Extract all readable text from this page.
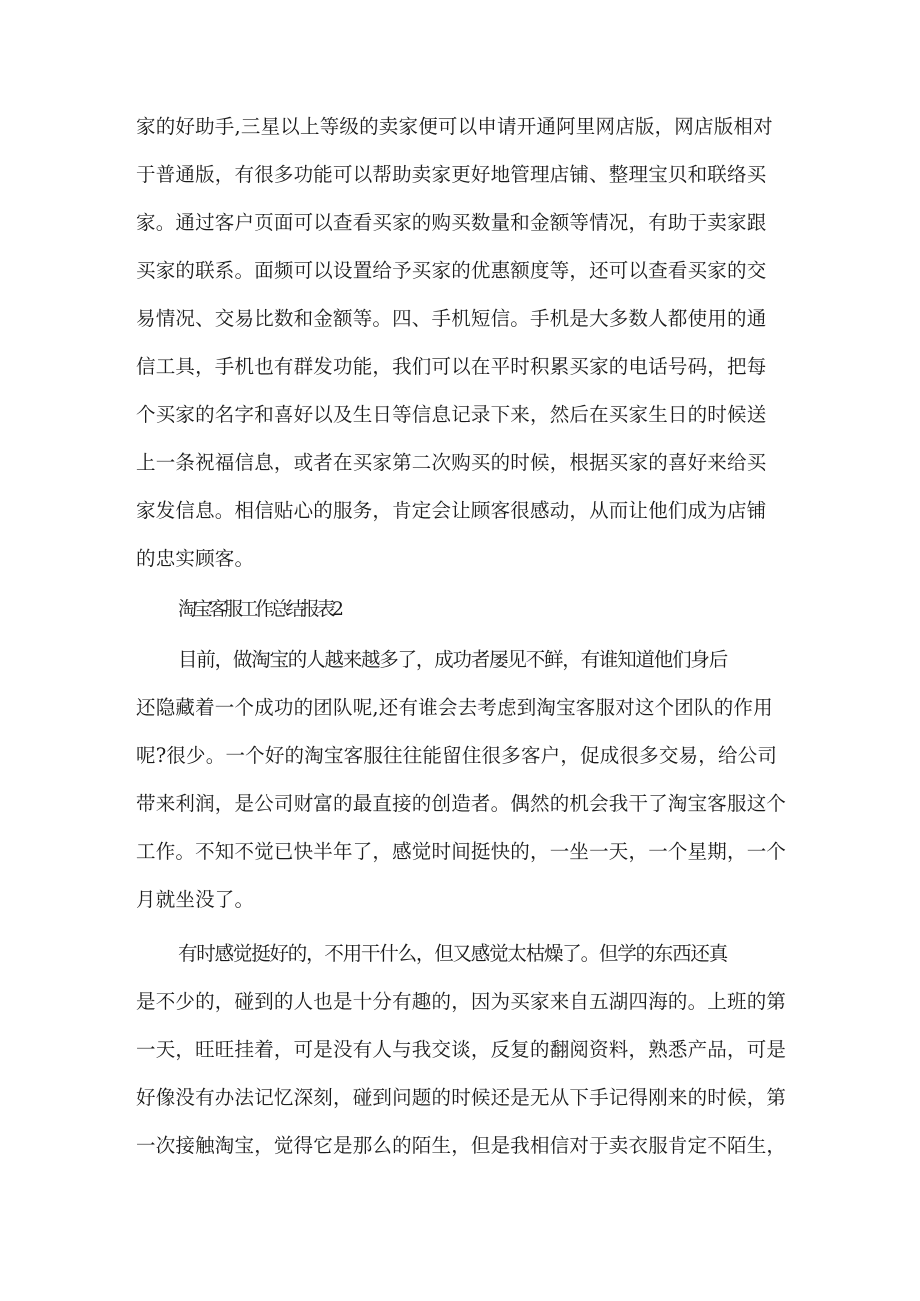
家的好助手,三星以上等级的卖家便可以申请开通阿里网店版，网店版相对

于普通版，有很多功能可以帮助卖家更好地管理店铺、整理宝贝和联络买

家。通过客户页面可以查看买家的购买数量和金额等情况，有助于卖家跟

买家的联系。面频可以设置给予买家的优惠额度等，还可以查看买家的交

易情况、交易比数和金额等。四、手机短信。手机是大多数人都使用的通

信工具，手机也有群发功能，我们可以在平时积累买家的电话号码，把每

个买家的名字和喜好以及生日等信息记录下来，然后在买家生日的时候送

上一条祝福信息，或者在买家第二次购买的时候，根据买家的喜好来给买

家发信息。相信贴心的服务，肯定会让顾客很感动，从而让他们成为店铺

的忠实顾客。

淘宝客服工作总结报表2

目前，做淘宝的人越来越多了，成功者屡见不鲜，有谁知道他们身后

还隐藏着一个成功的团队呢,还有谁会去考虑到淘宝客服对这个团队的作用

呢?很少。一个好的淘宝客服往往能留住很多客户，促成很多交易，给公司

带来利润，是公司财富的最直接的创造者。偶然的机会我干了淘宝客服这个

工作。不知不觉已快半年了，感觉时间挺快的，一坐一天，一个星期，一个

月就坐没了。

有时感觉挺好的，不用干什么，但又感觉太枯燥了。但学的东西还真

是不少的，碰到的人也是十分有趣的，因为买家来自五湖四海的。上班的第

一天，旺旺挂着，可是没有人与我交谈，反复的翻阅资料，熟悉产品，可是

好像没有办法记忆深刻，碰到问题的时候还是无从下手记得刚来的时候，第

一次接触淘宝，觉得它是那么的陌生，但是我相信对于卖衣服肯定不陌生，
